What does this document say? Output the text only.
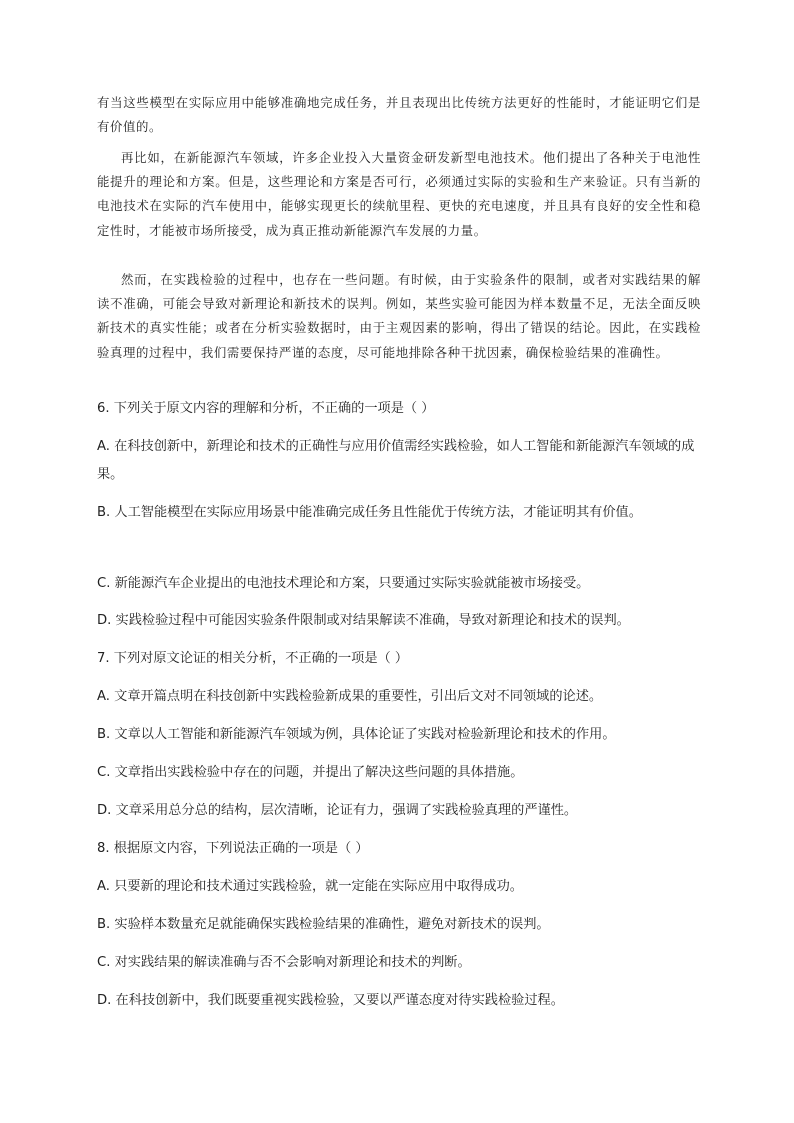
有当这些模型在实际应用中能够准确地完成任务，并且表现出比传统方法更好的性能时，才能证明它们是有价值的。

再比如，在新能源汽车领域，许多企业投入大量资金研发新型电池技术。他们提出了各种关于电池性能提升的理论和方案。但是，这些理论和方案是否可行，必须通过实际的实验和生产来验证。只有当新的电池技术在实际的汽车使用中，能够实现更长的续航里程、更快的充电速度，并且具有良好的安全性和稳定性时，才能被市场所接受，成为真正推动新能源汽车发展的力量。

然而，在实践检验的过程中，也存在一些问题。有时候，由于实验条件的限制，或者对实践结果的解读不准确，可能会导致对新理论和新技术的误判。例如，某些实验可能因为样本数量不足，无法全面反映新技术的真实性能；或者在分析实验数据时，由于主观因素的影响，得出了错误的结论。因此，在实践检验真理的过程中，我们需要保持严谨的态度，尽可能地排除各种干扰因素，确保检验结果的准确性。

6. 下列关于原文内容的理解和分析，不正确的一项是（ ）

A. 在科技创新中，新理论和技术的正确性与应用价值需经实践检验，如人工智能和新能源汽车领域的成果。

B. 人工智能模型在实际应用场景中能准确完成任务且性能优于传统方法，才能证明其有价值。

C. 新能源汽车企业提出的电池技术理论和方案，只要通过实际实验就能被市场接受。

D. 实践检验过程中可能因实验条件限制或对结果解读不准确，导致对新理论和技术的误判。

7. 下列对原文论证的相关分析，不正确的一项是（ ）

A. 文章开篇点明在科技创新中实践检验新成果的重要性，引出后文对不同领域的论述。

B. 文章以人工智能和新能源汽车领域为例，具体论证了实践对检验新理论和技术的作用。

C. 文章指出实践检验中存在的问题，并提出了解决这些问题的具体措施。

D. 文章采用总分总的结构，层次清晰，论证有力，强调了实践检验真理的严谨性。

8. 根据原文内容，下列说法正确的一项是（ ）

A. 只要新的理论和技术通过实践检验，就一定能在实际应用中取得成功。

B. 实验样本数量充足就能确保实践检验结果的准确性，避免对新技术的误判。

C. 对实践结果的解读准确与否不会影响对新理论和技术的判断。

D. 在科技创新中，我们既要重视实践检验，又要以严谨态度对待实践检验过程。
